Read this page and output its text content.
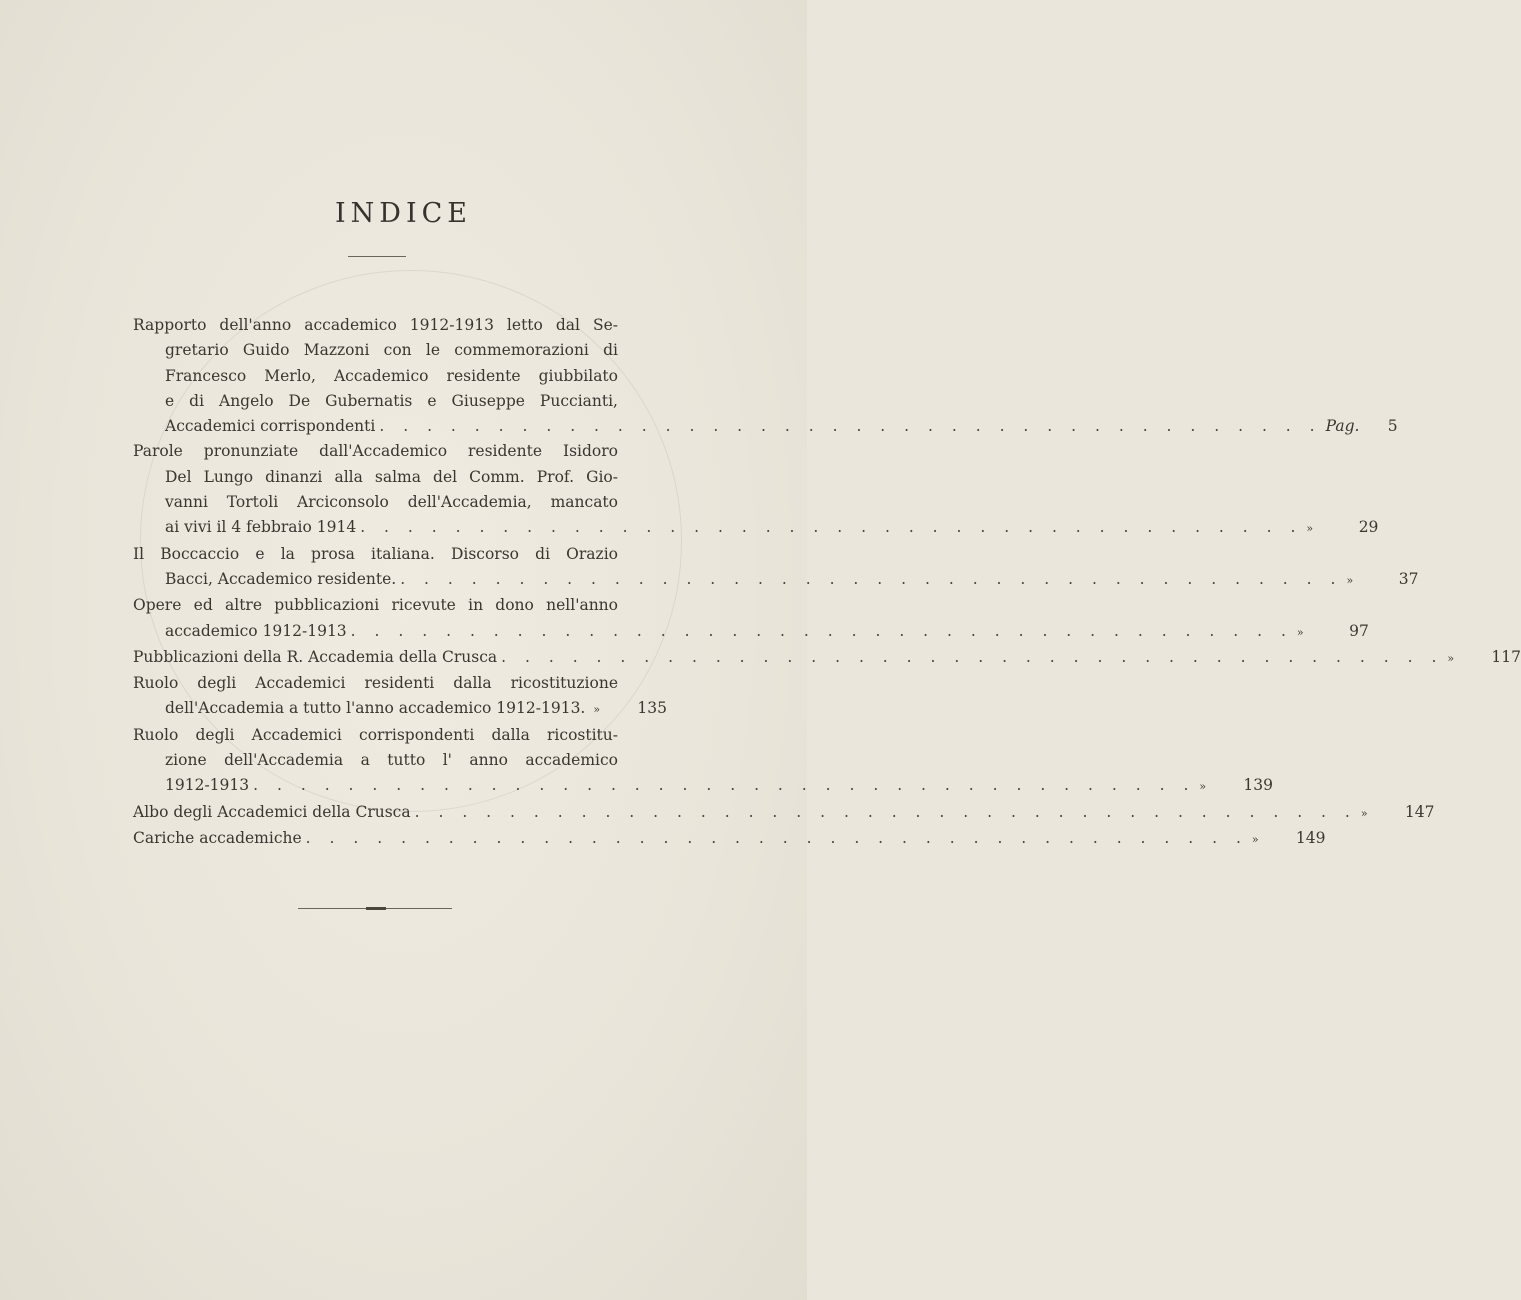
INDICE
Rapporto dell'anno accademico 1912-1913 letto dal Se-
gretario Guido Mazzoni con le commemorazioni di
Francesco Merlo, Accademico residente giubbilato
e di Angelo De Gubernatis e Giuseppe Puccianti,
Accademici corrispondenti . . . . . . . . . . . . . . . . . . . . . . . . . . . . . . . . . . . . . . . . Pag.	5
Parole pronunziate dall'Accademico residente Isidoro
Del Lungo dinanzi alla salma del Comm. Prof. Gio-
vanni Tortoli Arciconsolo dell'Accademia, mancato
ai vivi il 4 febbraio 1914 . . . . . . . . . . . . . . . . . . . . . . . . . . . . . . . . . . . . . . . . »	29
Il Boccaccio e la prosa italiana. Discorso di Orazio
Bacci, Accademico residente. . . . . . . . . . . . . . . . . . . . . . . . . . . . . . . . . . . . . . . . . »	37
Opere ed altre pubblicazioni ricevute in dono nell'anno
accademico 1912-1913 . . . . . . . . . . . . . . . . . . . . . . . . . . . . . . . . . . . . . . . . »	97
Pubblicazioni della R. Accademia della Crusca . . . . . . . . . . . . . . . . . . . . . . . . . . . . . . . . . . . . . . . . »	117
Ruolo degli Accademici residenti dalla ricostituzione
dell'Accademia a tutto l'anno accademico 1912-1913. »	135
Ruolo degli Accademici corrispondenti dalla ricostitu-
zione dell'Accademia a tutto l' anno accademico
1912-1913 . . . . . . . . . . . . . . . . . . . . . . . . . . . . . . . . . . . . . . . . »	139
Albo degli Accademici della Crusca . . . . . . . . . . . . . . . . . . . . . . . . . . . . . . . . . . . . . . . . »	147
Cariche accademiche . . . . . . . . . . . . . . . . . . . . . . . . . . . . . . . . . . . . . . . . »	149
